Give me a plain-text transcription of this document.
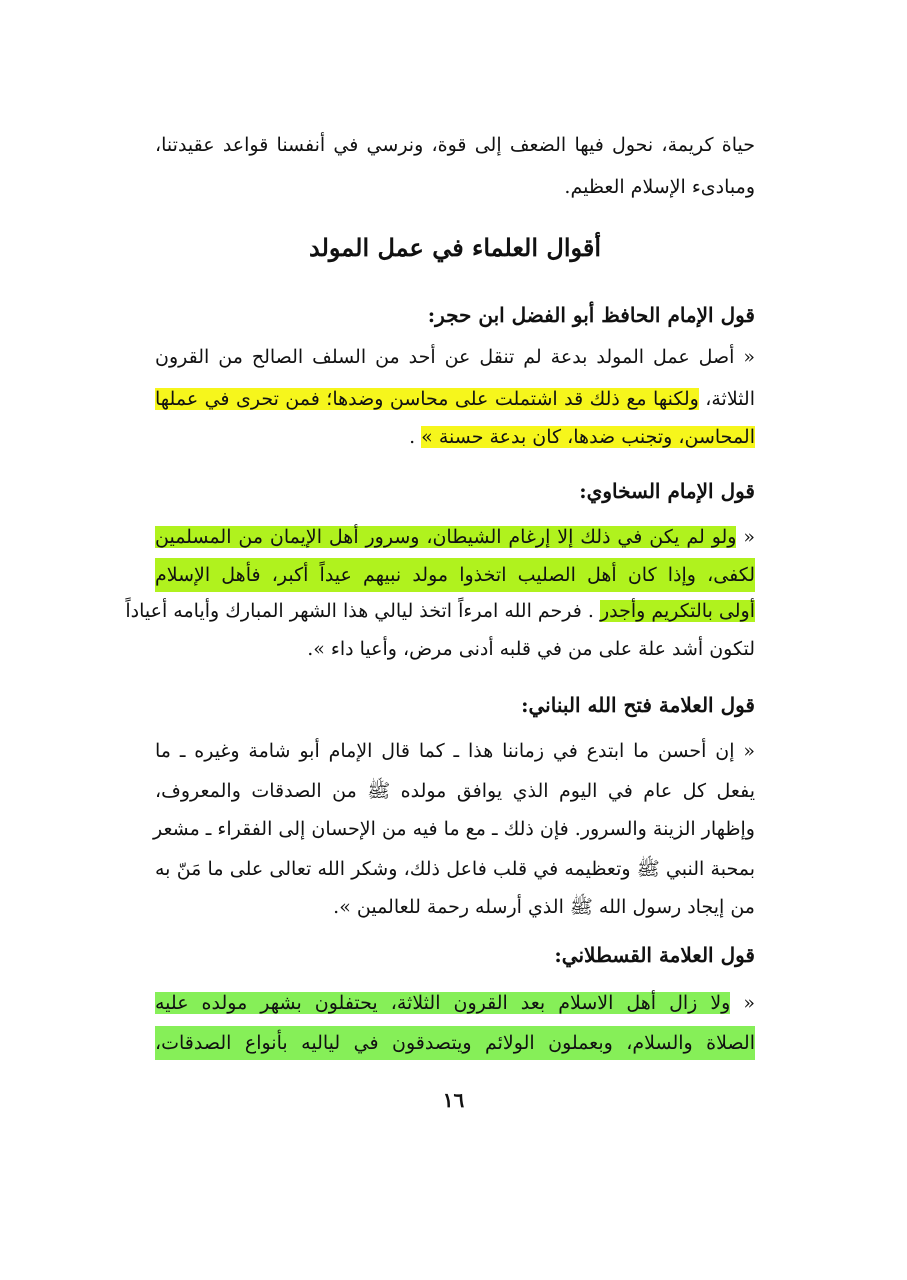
حياة كريمة، نحول فيها الضعف إلى قوة، ونرسي في أنفسنا قواعد عقيدتنا،
ومبادىء الإسلام العظيم.
أقوال العلماء في عمل المولد
قول الإمام الحافظ أبو الفضل ابن حجر:
« أصل عمل المولد بدعة لم تنقل عن أحد من السلف الصالح من القرون
الثلاثة، ولكنها مع ذلك قد اشتملت على محاسن وضدها؛ فمن تحرى في عملها
المحاسن، وتجنب ضدها، كان بدعة حسنة » .
قول الإمام السخاوي:
« ولو لم يكن في ذلك إلا إرغام الشيطان، وسرور أهل الإيمان من المسلمين
لكفى، وإذا كان أهل الصليب اتخذوا مولد نبيهم عيداً أكبر، فأهل الإسلام
أولى بالتكريم وأجدر . فرحم الله امرءاً اتخذ ليالي هذا الشهر المبارك وأيامه أعياداً
لتكون أشد علة على من في قلبه أدنى مرض، وأعيا داء ».
قول العلامة فتح الله البناني:
« إن أحسن ما ابتدع في زماننا هذا ـ كما قال الإمام أبو شامة وغيره ـ ما
يفعل كل عام في اليوم الذي يوافق مولده ﷺ من الصدقات والمعروف،
وإظهار الزينة والسرور. فإن ذلك ـ مع ما فيه من الإحسان إلى الفقراء ـ مشعر
بمحبة النبي ﷺ وتعظيمه في قلب فاعل ذلك، وشكر الله تعالى على ما مَنّ به
من إيجاد رسول الله ﷺ الذي أرسله رحمة للعالمين ».
قول العلامة القسطلاني:
« ولا زال أهل الاسلام بعد القرون الثلاثة، يحتفلون بشهر مولده عليه
الصلاة والسلام، وبعملون الولائم ويتصدقون في لياليه بأنواع الصدقات،
١٦
